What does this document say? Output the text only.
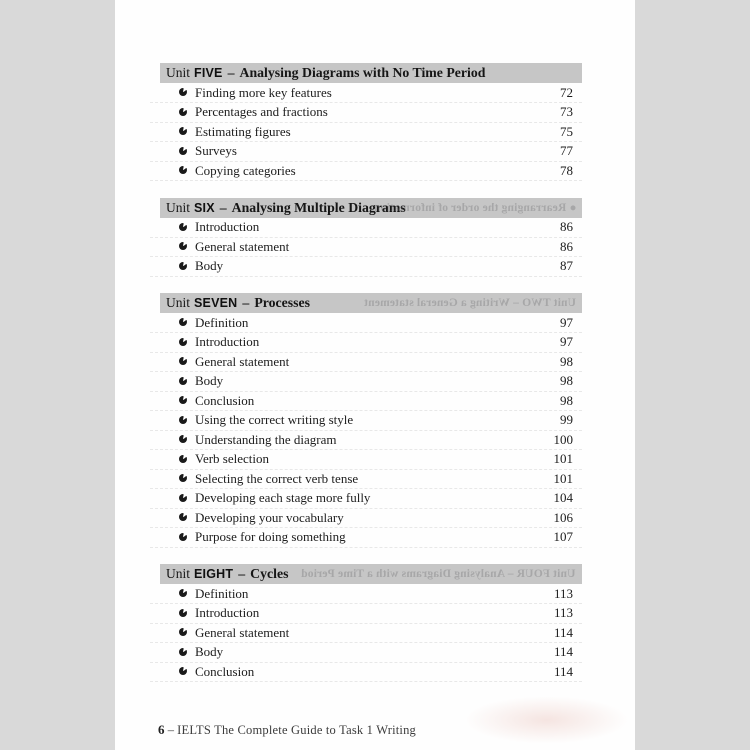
Unit FIVE – Analysing Diagrams with No Time Period
Finding more key features	72
Percentages and fractions	73
Estimating figures	75
Surveys	77
Copying categories	78
● Rearranging the order of information
Unit SIX – Analysing Multiple Diagrams
Introduction	86
General statement	86
Body	87
Unit TWO – Writing a General statement
Unit SEVEN – Processes
Definition	97
Introduction	97
General statement	98
Body	98
Conclusion	98
Using the correct writing style	99
Understanding the diagram	100
Verb selection	101
Selecting the correct verb tense	101
Developing each stage more fully	104
Developing your vocabulary	106
Purpose for doing something	107
Unit FOUR – Analysing Diagrams with a Time Period
Unit EIGHT – Cycles
Definition	113
Introduction	113
General statement	114
Body	114
Conclusion	114
6 – IELTS The Complete Guide to Task 1 Writing
